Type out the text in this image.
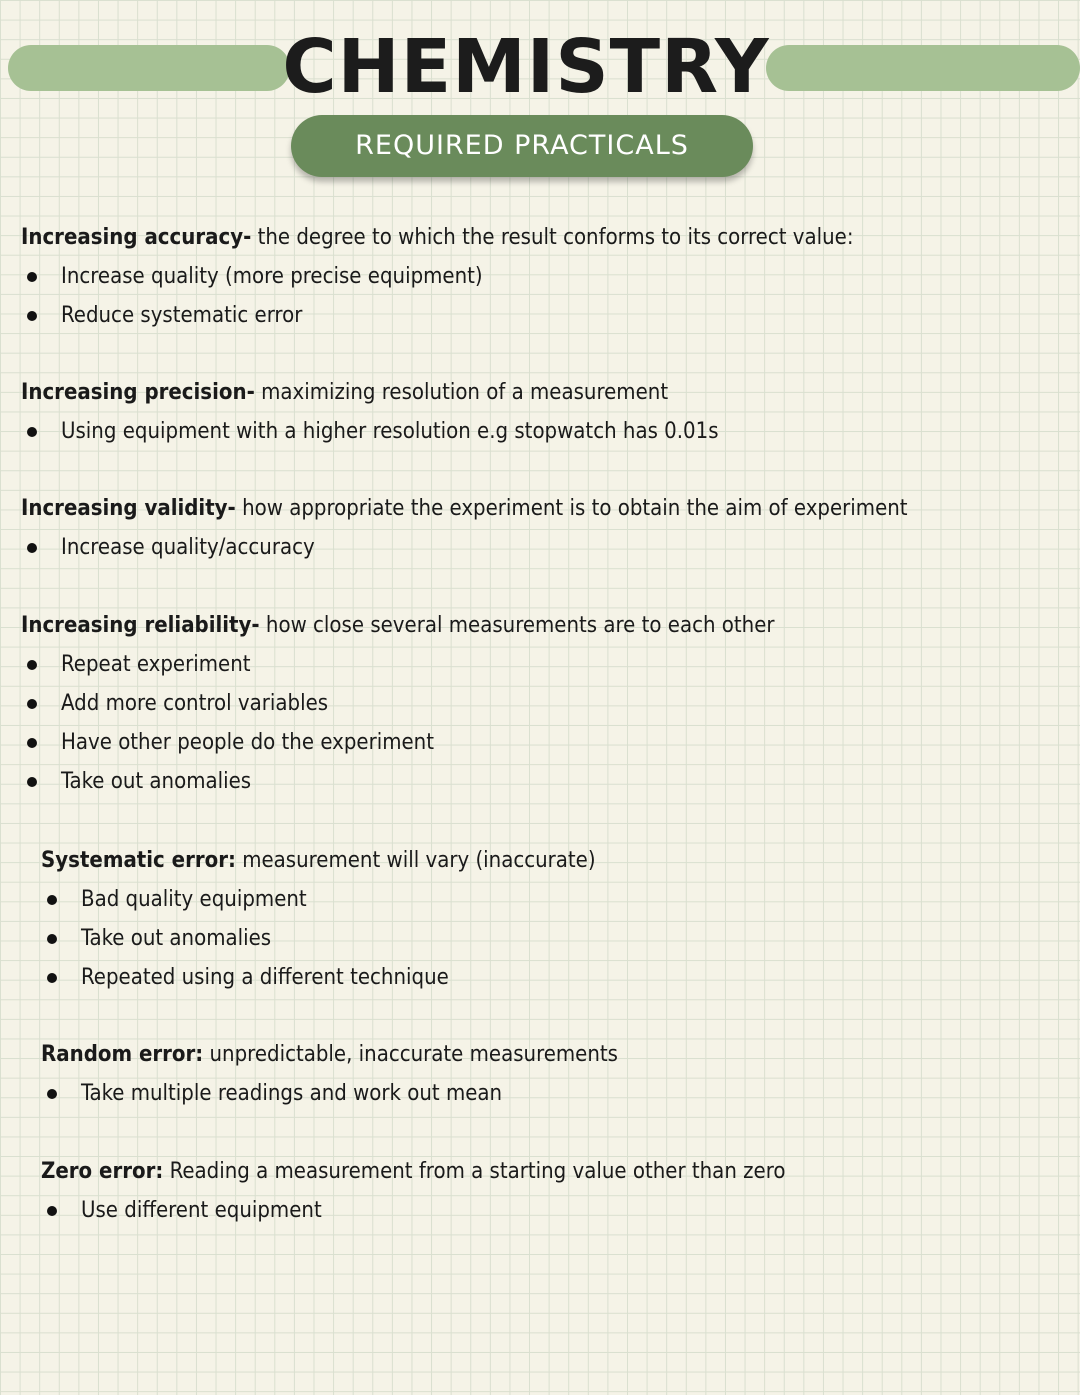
CHEMISTRY
REQUIRED PRACTICALS
Increasing accuracy- the degree to which the result conforms to its correct value:
Increase quality (more precise equipment)
Reduce systematic error
Increasing precision- maximizing resolution of a measurement
Using equipment with a higher resolution e.g stopwatch has 0.01s
Increasing validity- how appropriate the experiment is to obtain the aim of experiment
Increase quality/accuracy
Increasing reliability- how close several measurements are to each other
Repeat experiment
Add more control variables
Have other people do the experiment
Take out anomalies
Systematic error: measurement will vary (inaccurate)
Bad quality equipment
Take out anomalies
Repeated using a different technique
Random error: unpredictable, inaccurate measurements
Take multiple readings and work out mean
Zero error: Reading a measurement from a starting value other than zero
Use different equipment
